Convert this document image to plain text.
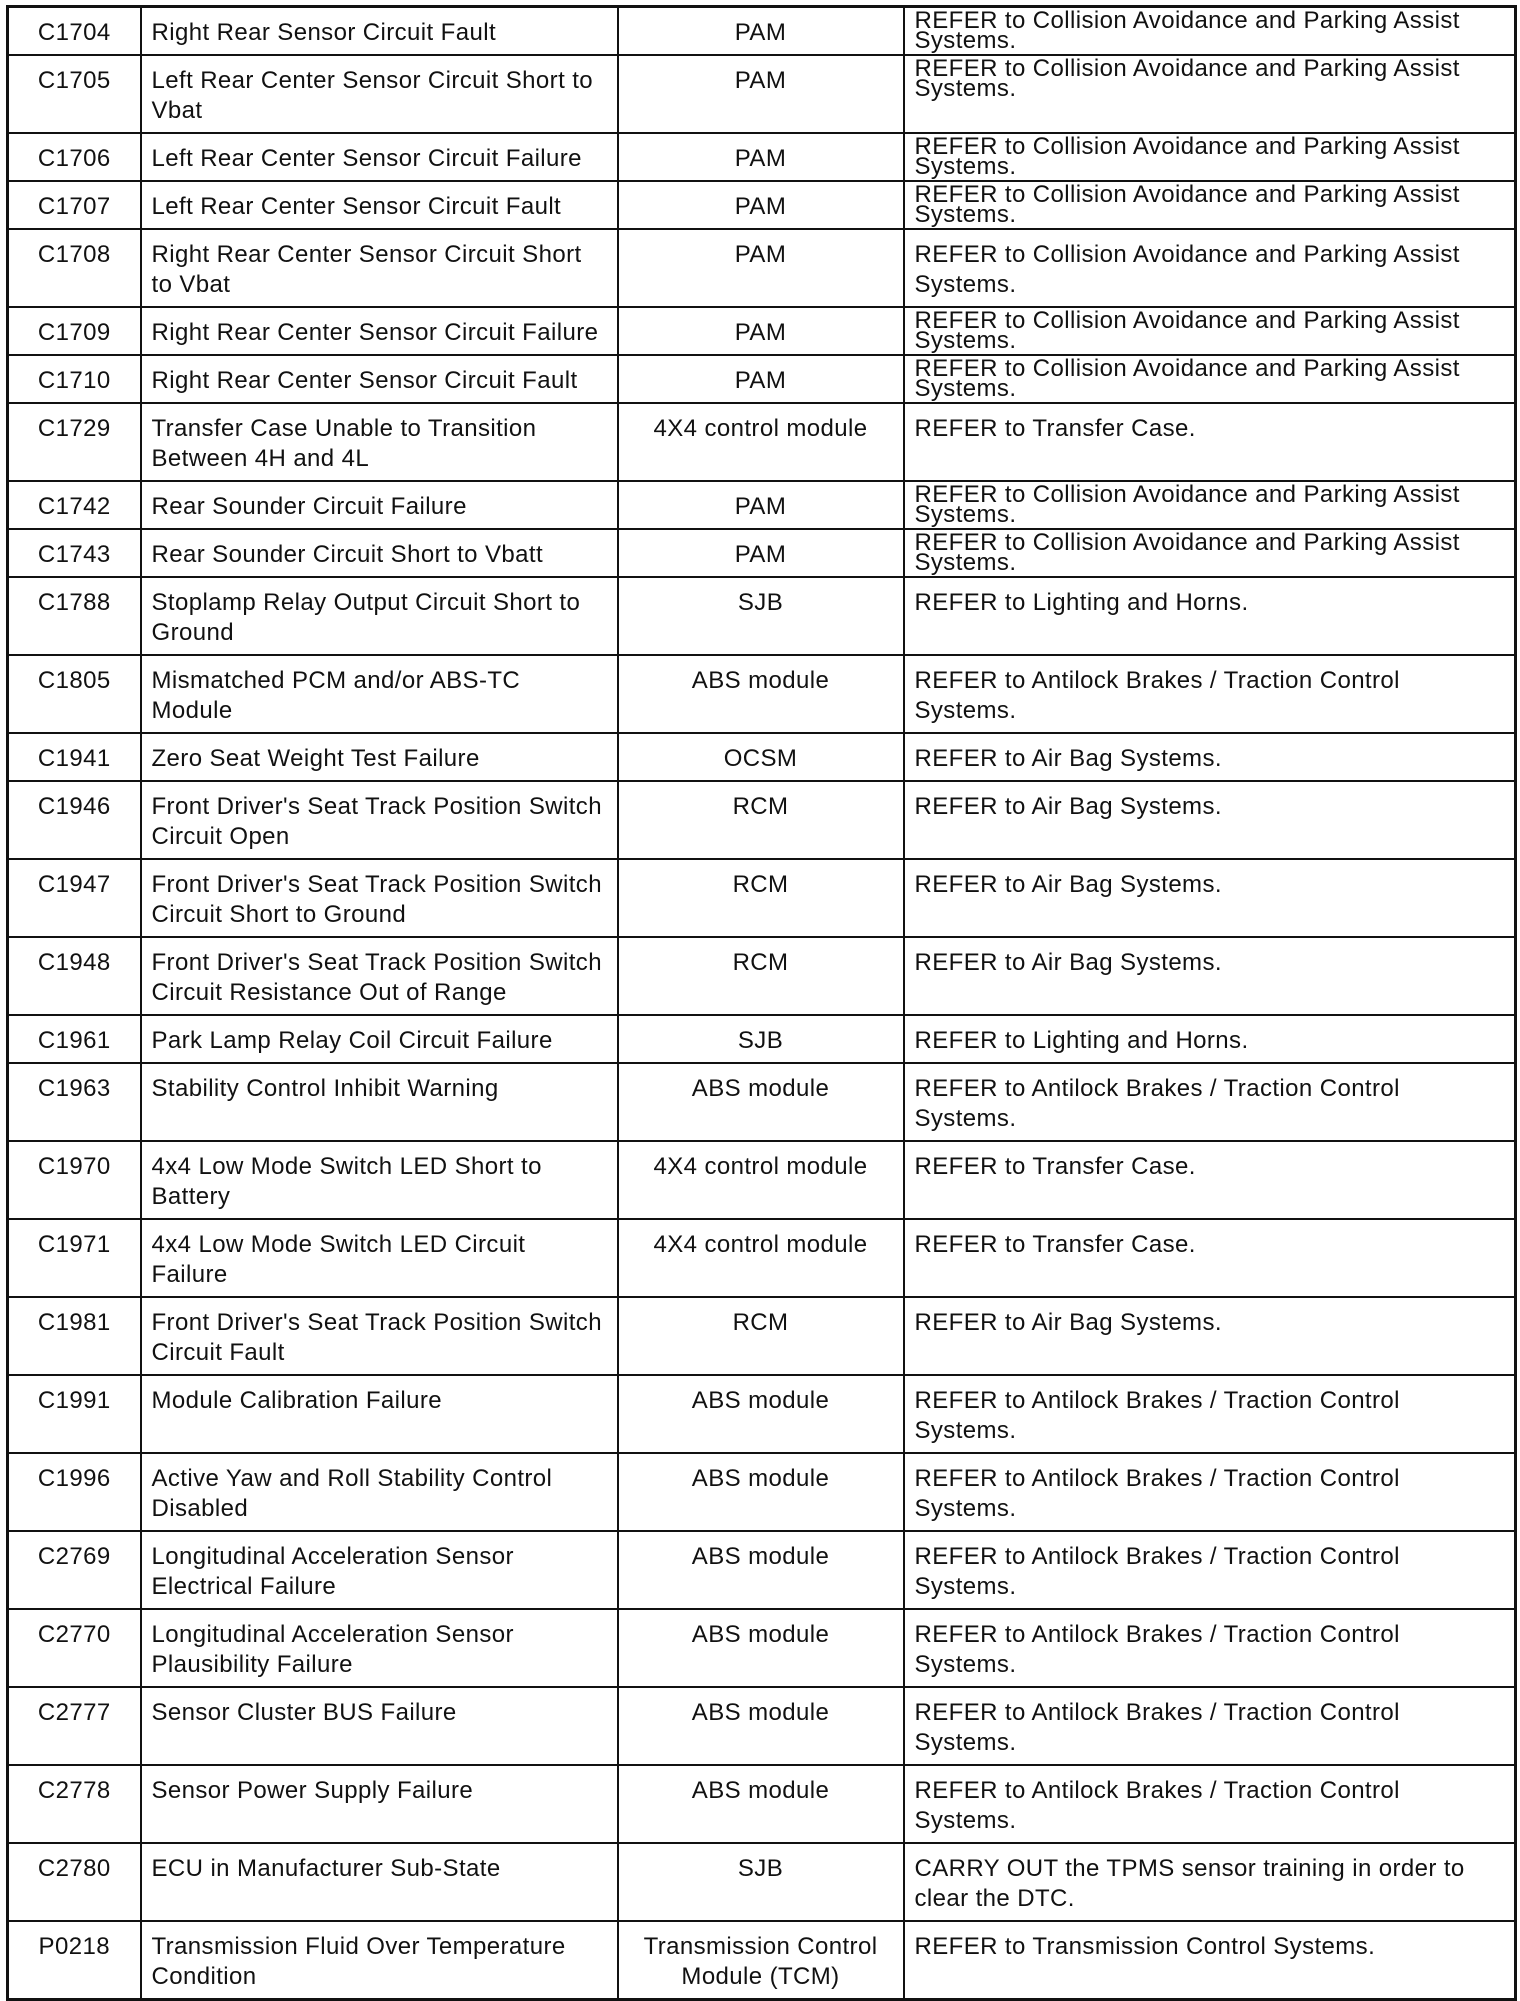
C1704	Right Rear Sensor Circuit Fault	PAM	REFER to Collision Avoidance and Parking Assist Systems.
C1705	Left Rear Center Sensor Circuit Short to Vbat	PAM	REFER to Collision Avoidance and Parking Assist Systems.
C1706	Left Rear Center Sensor Circuit Failure	PAM	REFER to Collision Avoidance and Parking Assist Systems.
C1707	Left Rear Center Sensor Circuit Fault	PAM	REFER to Collision Avoidance and Parking Assist Systems.
C1708	Right Rear Center Sensor Circuit Short to Vbat	PAM	REFER to Collision Avoidance and Parking Assist Systems.
C1709	Right Rear Center Sensor Circuit Failure	PAM	REFER to Collision Avoidance and Parking Assist Systems.
C1710	Right Rear Center Sensor Circuit Fault	PAM	REFER to Collision Avoidance and Parking Assist Systems.
C1729	Transfer Case Unable to Transition Between 4H and 4L	4X4 control module	REFER to Transfer Case.
C1742	Rear Sounder Circuit Failure	PAM	REFER to Collision Avoidance and Parking Assist Systems.
C1743	Rear Sounder Circuit Short to Vbatt	PAM	REFER to Collision Avoidance and Parking Assist Systems.
C1788	Stoplamp Relay Output Circuit Short to Ground	SJB	REFER to Lighting and Horns.
C1805	Mismatched PCM and/or ABS-TC Module	ABS module	REFER to Antilock Brakes / Traction Control Systems.
C1941	Zero Seat Weight Test Failure	OCSM	REFER to Air Bag Systems.
C1946	Front Driver's Seat Track Position Switch Circuit Open	RCM	REFER to Air Bag Systems.
C1947	Front Driver's Seat Track Position Switch Circuit Short to Ground	RCM	REFER to Air Bag Systems.
C1948	Front Driver's Seat Track Position Switch Circuit Resistance Out of Range	RCM	REFER to Air Bag Systems.
C1961	Park Lamp Relay Coil Circuit Failure	SJB	REFER to Lighting and Horns.
C1963	Stability Control Inhibit Warning	ABS module	REFER to Antilock Brakes / Traction Control Systems.
C1970	4x4 Low Mode Switch LED Short to Battery	4X4 control module	REFER to Transfer Case.
C1971	4x4 Low Mode Switch LED Circuit Failure	4X4 control module	REFER to Transfer Case.
C1981	Front Driver's Seat Track Position Switch Circuit Fault	RCM	REFER to Air Bag Systems.
C1991	Module Calibration Failure	ABS module	REFER to Antilock Brakes / Traction Control Systems.
C1996	Active Yaw and Roll Stability Control Disabled	ABS module	REFER to Antilock Brakes / Traction Control Systems.
C2769	Longitudinal Acceleration Sensor Electrical Failure	ABS module	REFER to Antilock Brakes / Traction Control Systems.
C2770	Longitudinal Acceleration Sensor Plausibility Failure	ABS module	REFER to Antilock Brakes / Traction Control Systems.
C2777	Sensor Cluster BUS Failure	ABS module	REFER to Antilock Brakes / Traction Control Systems.
C2778	Sensor Power Supply Failure	ABS module	REFER to Antilock Brakes / Traction Control Systems.
C2780	ECU in Manufacturer Sub-State	SJB	CARRY OUT the TPMS sensor training in order to clear the DTC.
P0218	Transmission Fluid Over Temperature Condition	Transmission Control Module (TCM)	REFER to Transmission Control Systems.
